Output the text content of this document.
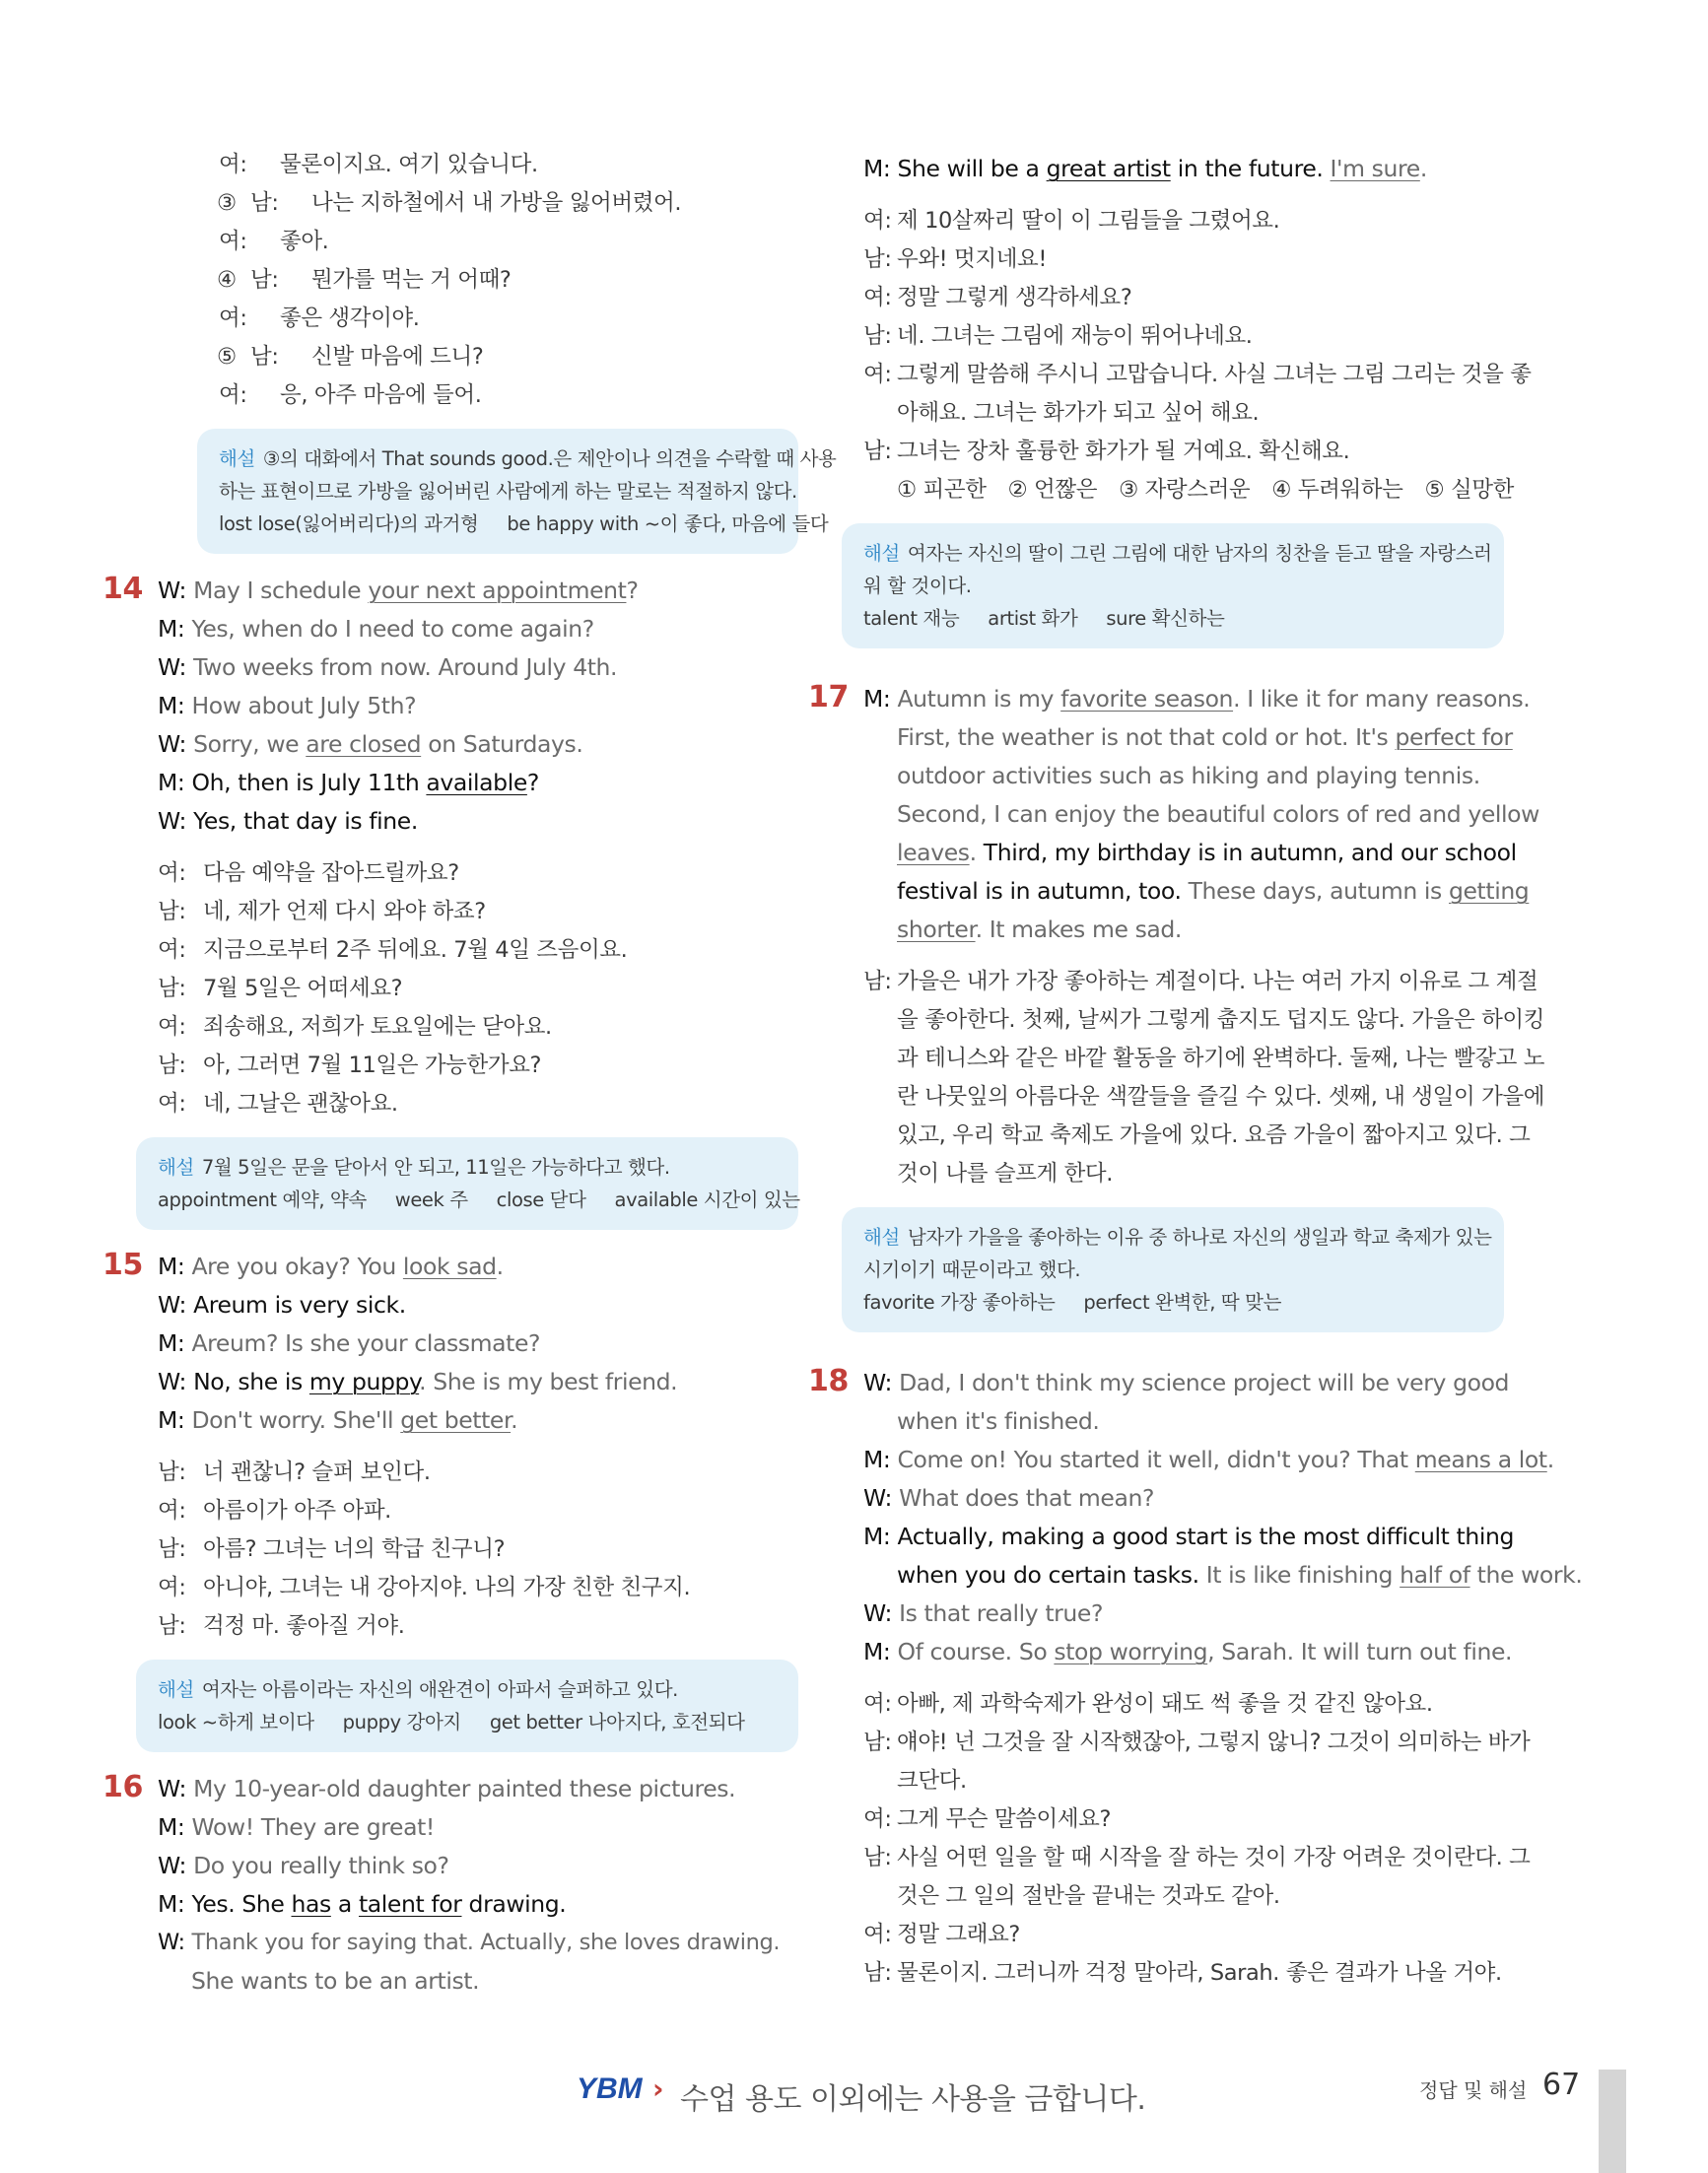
여: 물론이지요. 여기 있습니다.
③ 남: 나는 지하철에서 내 가방을 잃어버렸어.
여: 좋아.
④ 남: 뭔가를 먹는 거 어때?
여: 좋은 생각이야.
⑤ 남: 신발 마음에 드니?
여: 응, 아주 마음에 들어.
해설 ③의 대화에서 That sounds good.은 제안이나 의견을 수락할 때 사용
하는 표현이므로 가방을 잃어버린 사람에게 하는 말로는 적절하지 않다.
lost lose(잃어버리다)의 과거형     be happy with ~이 좋다, 마음에 들다
14 W: May I schedule your next appointment?
M: Yes, when do I need to come again?
W: Two weeks from now. Around July 4th.
M: How about July 5th?
W: Sorry, we are closed on Saturdays.
M: Oh, then is July 11th available?
W: Yes, that day is fine.
여: 다음 예약을 잡아드릴까요?
남: 네, 제가 언제 다시 와야 하죠?
여: 지금으로부터 2주 뒤에요. 7월 4일 즈음이요.
남: 7월 5일은 어떠세요?
여: 죄송해요, 저희가 토요일에는 닫아요.
남: 아, 그러면 7월 11일은 가능한가요?
여: 네, 그날은 괜찮아요.
해설 7월 5일은 문을 닫아서 안 되고, 11일은 가능하다고 했다.
appointment 예약, 약속     week 주     close 닫다     available 시간이 있는
15 M: Are you okay? You look sad.
W: Areum is very sick.
M: Areum? Is she your classmate?
W: No, she is my puppy. She is my best friend.
M: Don't worry. She'll get better.
남: 너 괜찮니? 슬퍼 보인다.
여: 아름이가 아주 아파.
남: 아름? 그녀는 너의 학급 친구니?
여: 아니야, 그녀는 내 강아지야. 나의 가장 친한 친구지.
남: 걱정 마. 좋아질 거야.
해설 여자는 아름이라는 자신의 애완견이 아파서 슬퍼하고 있다.
look ~하게 보이다     puppy 강아지     get better 나아지다, 호전되다
16 W: My 10-year-old daughter painted these pictures.
M: Wow! They are great!
W: Do you really think so?
M: Yes. She has a talent for drawing.
W: Thank you for saying that. Actually, she loves drawing.
She wants to be an artist.
M: She will be a great artist in the future. I'm sure.
여: 제 10살짜리 딸이 이 그림들을 그렸어요.
남: 우와! 멋지네요!
여: 정말 그렇게 생각하세요?
남: 네. 그녀는 그림에 재능이 뛰어나네요.
여: 그렇게 말씀해 주시니 고맙습니다. 사실 그녀는 그림 그리는 것을 좋
아해요. 그녀는 화가가 되고 싶어 해요.
남: 그녀는 장차 훌륭한 화가가 될 거예요. 확신해요.
① 피곤한 ② 언짢은 ③ 자랑스러운 ④ 두려워하는 ⑤ 실망한
해설 여자는 자신의 딸이 그린 그림에 대한 남자의 칭찬을 듣고 딸을 자랑스러
워 할 것이다.
talent 재능     artist 화가     sure 확신하는
17 M: Autumn is my favorite season. I like it for many reasons.
First, the weather is not that cold or hot. It's perfect for
outdoor activities such as hiking and playing tennis.
Second, I can enjoy the beautiful colors of red and yellow
leaves. Third, my birthday is in autumn, and our school
festival is in autumn, too. These days, autumn is getting
shorter. It makes me sad.
남: 가을은 내가 가장 좋아하는 계절이다. 나는 여러 가지 이유로 그 계절
을 좋아한다. 첫째, 날씨가 그렇게 춥지도 덥지도 않다. 가을은 하이킹
과 테니스와 같은 바깥 활동을 하기에 완벽하다. 둘째, 나는 빨갛고 노
란 나뭇잎의 아름다운 색깔들을 즐길 수 있다. 셋째, 내 생일이 가을에
있고, 우리 학교 축제도 가을에 있다. 요즘 가을이 짧아지고 있다. 그
것이 나를 슬프게 한다.
해설 남자가 가을을 좋아하는 이유 중 하나로 자신의 생일과 학교 축제가 있는
시기이기 때문이라고 했다.
favorite 가장 좋아하는     perfect 완벽한, 딱 맞는
18 W: Dad, I don't think my science project will be very good
when it's finished.
M: Come on! You started it well, didn't you? That means a lot.
W: What does that mean?
M: Actually, making a good start is the most difficult thing
when you do certain tasks. It is like finishing half of the work.
W: Is that really true?
M: Of course. So stop worrying, Sarah. It will turn out fine.
여: 아빠, 제 과학숙제가 완성이 돼도 썩 좋을 것 같진 않아요.
남: 얘야! 넌 그것을 잘 시작했잖아, 그렇지 않니? 그것이 의미하는 바가
크단다.
여: 그게 무슨 말씀이세요?
남: 사실 어떤 일을 할 때 시작을 잘 하는 것이 가장 어려운 것이란다. 그
것은 그 일의 절반을 끝내는 것과도 같아.
여: 정말 그래요?
남: 물론이지. 그러니까 걱정 말아라, Sarah. 좋은 결과가 나올 거야.
YBM › 수업 용도 이외에는 사용을 금합니다.	정답 및 해설 67
